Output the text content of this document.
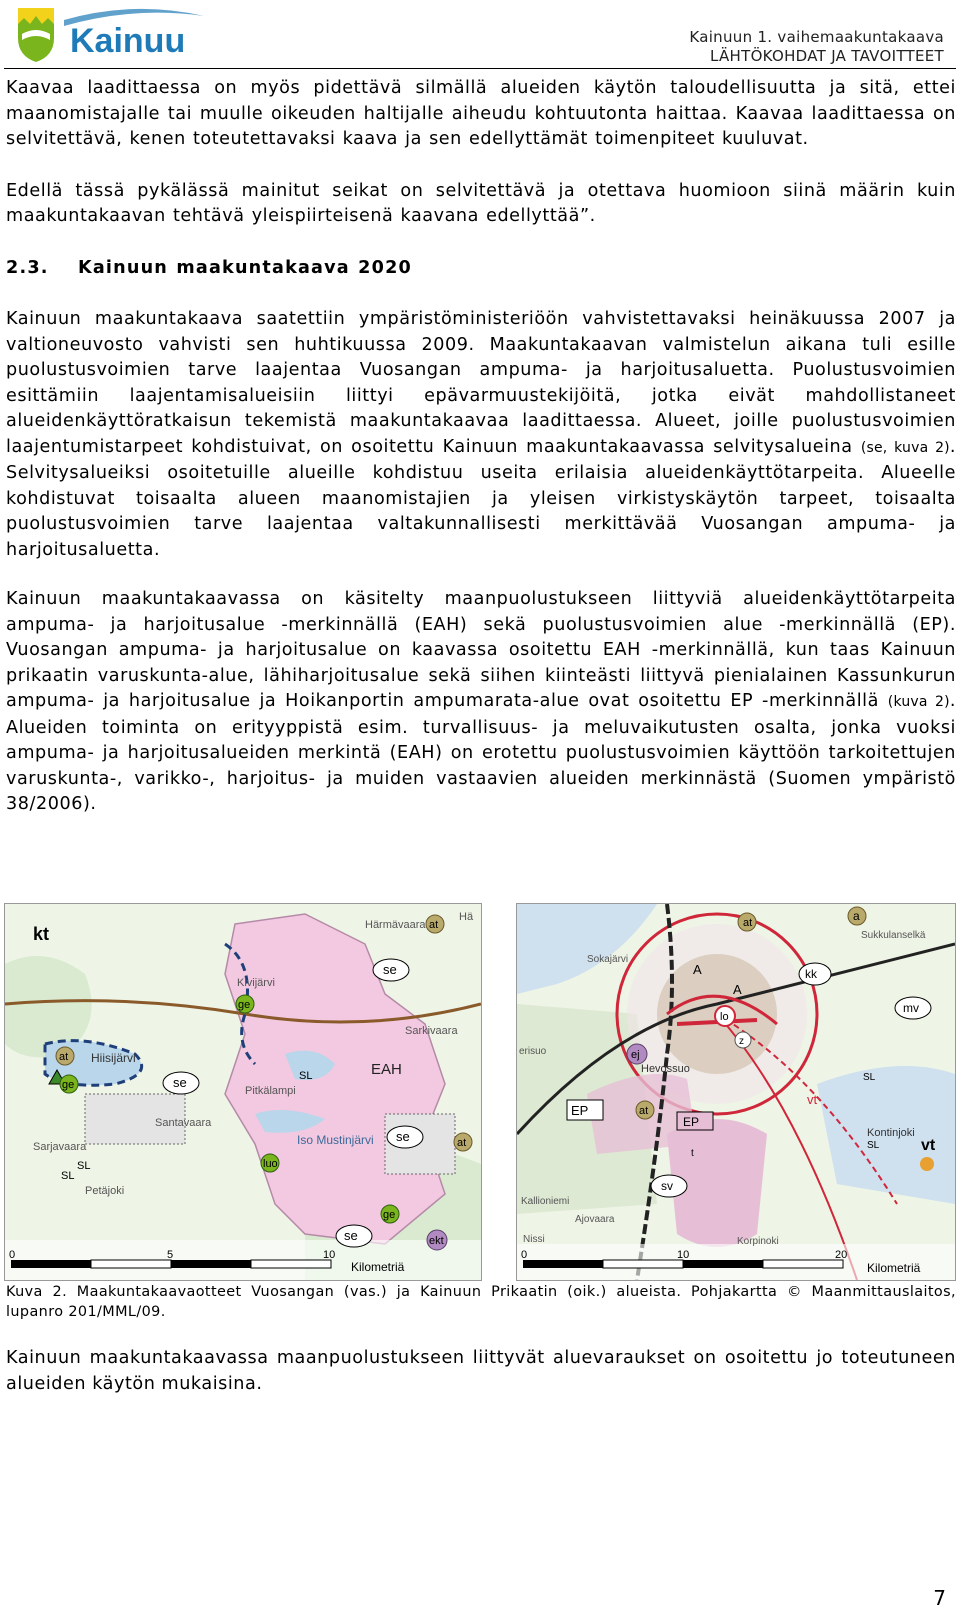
Kainuu	Kainuun 1. vaihemaakuntakaava
LÄHTÖKOHDAT JA TAVOITTEET

Kaavaa laadittaessa on myös pidettävä silmällä alueiden käytön taloudellisuutta ja sitä, ettei maanomistajalle tai muulle oikeuden haltijalle aiheudu kohtuutonta haittaa. Kaavaa laadittaessa on selvitettävä, kenen toteutettavaksi kaava ja sen edellyttämät toimenpiteet kuuluvat.

Edellä tässä pykälässä mainitut seikat on selvitettävä ja otettava huomioon siinä määrin kuin maakuntakaavan tehtävä yleispiirteisenä kaavana edellyttää”.

2.3. Kainuun maakuntakaava 2020

Kainuun maakuntakaava saatettiin ympäristöministeriöön vahvistettavaksi heinäkuussa 2007 ja valtioneuvosto vahvisti sen huhtikuussa 2009. Maakuntakaavan valmistelun aikana tuli esille puolustusvoimien tarve laajentaa Vuosangan ampuma- ja harjoitusaluetta. Puolustusvoimien esittämiin laajentamisalueisiin liittyi epävarmuustekijöitä, jotka eivät mahdollistaneet alueidenkäyttöratkaisun tekemistä maakuntakaavaa laadittaessa. Alueet, joille puolustusvoimien laajentumistarpeet kohdistuivat, on osoitettu Kainuun maakuntakaavassa selvitysalueina (se, kuva 2). Selvitysalueiksi osoitetuille alueille kohdistuu useita erilaisia alueidenkäyttötarpeita. Alueelle kohdistuvat toisaalta alueen maanomistajien ja yleisen virkistyskäytön tarpeet, toisaalta puolustusvoimien tarve laajentaa valtakunnallisesti merkittävää Vuosangan ampuma- ja harjoitusaluetta.

Kainuun maakuntakaavassa on käsitelty maanpuolustukseen liittyviä alueidenkäyttötarpeita ampuma- ja harjoitusalue -merkinnällä (EAH) sekä puolustusvoimien alue -merkinnällä (EP). Vuosangan ampuma- ja harjoitusalue on kaavassa osoitettu EAH -merkinnällä, kun taas Kainuun prikaatin varuskunta-alue, lähiharjoitusalue sekä siihen kiinteästi liittyvä pienialainen Kassunkurun ampuma- ja harjoitusalue ja Hoikanportin ampumarata-alue ovat osoitettu EP -merkinnällä (kuva 2). Alueiden toiminta on erityyppistä esim. turvallisuus- ja meluvaikutusten osalta, jonka vuoksi ampuma- ja harjoitusalueiden merkintä (EAH) on erotettu puolustusvoimien käyttöön tarkoitettujen varuskunta-, varikko-, harjoitus- ja muiden vastaavien alueiden merkinnästä (Suomen ympäristö 38/2006).

kt	Härmävaara
Hä
at
se
Kivijärvi
ge
Hiisijärvi
at
ge	se
Sarkivaara
EAH
SL
Santavaara
Pitkälampi
SL
Iso Mustinjärvi se	at
Sarjavaara
SL	luo
Petäjoki
ge
se	ekt
0	5	10
Kilometriä
at	a
Sukkulanselkä
Sokajärvi
A
A
kk
ej
lo
z
mv
at
Hevossuo
erisuo
SL
SL
Kontinjoki
vt
vt
EP
EP
sv
t
Kallioniemi
Ajovaara
Korpinoki
Nissi
0	10	20
Kilometriä
Kuva 2. Maakuntakaavaotteet Vuosangan (vas.) ja Kainuun Prikaatin (oik.) alueista. Pohjakartta © Maanmittauslaitos, lupanro 201/MML/09.
Kainuun maakuntakaavassa maanpuolustukseen liittyvät aluevaraukset on osoitettu jo toteutuneen alueiden käytön mukaisina.
7
